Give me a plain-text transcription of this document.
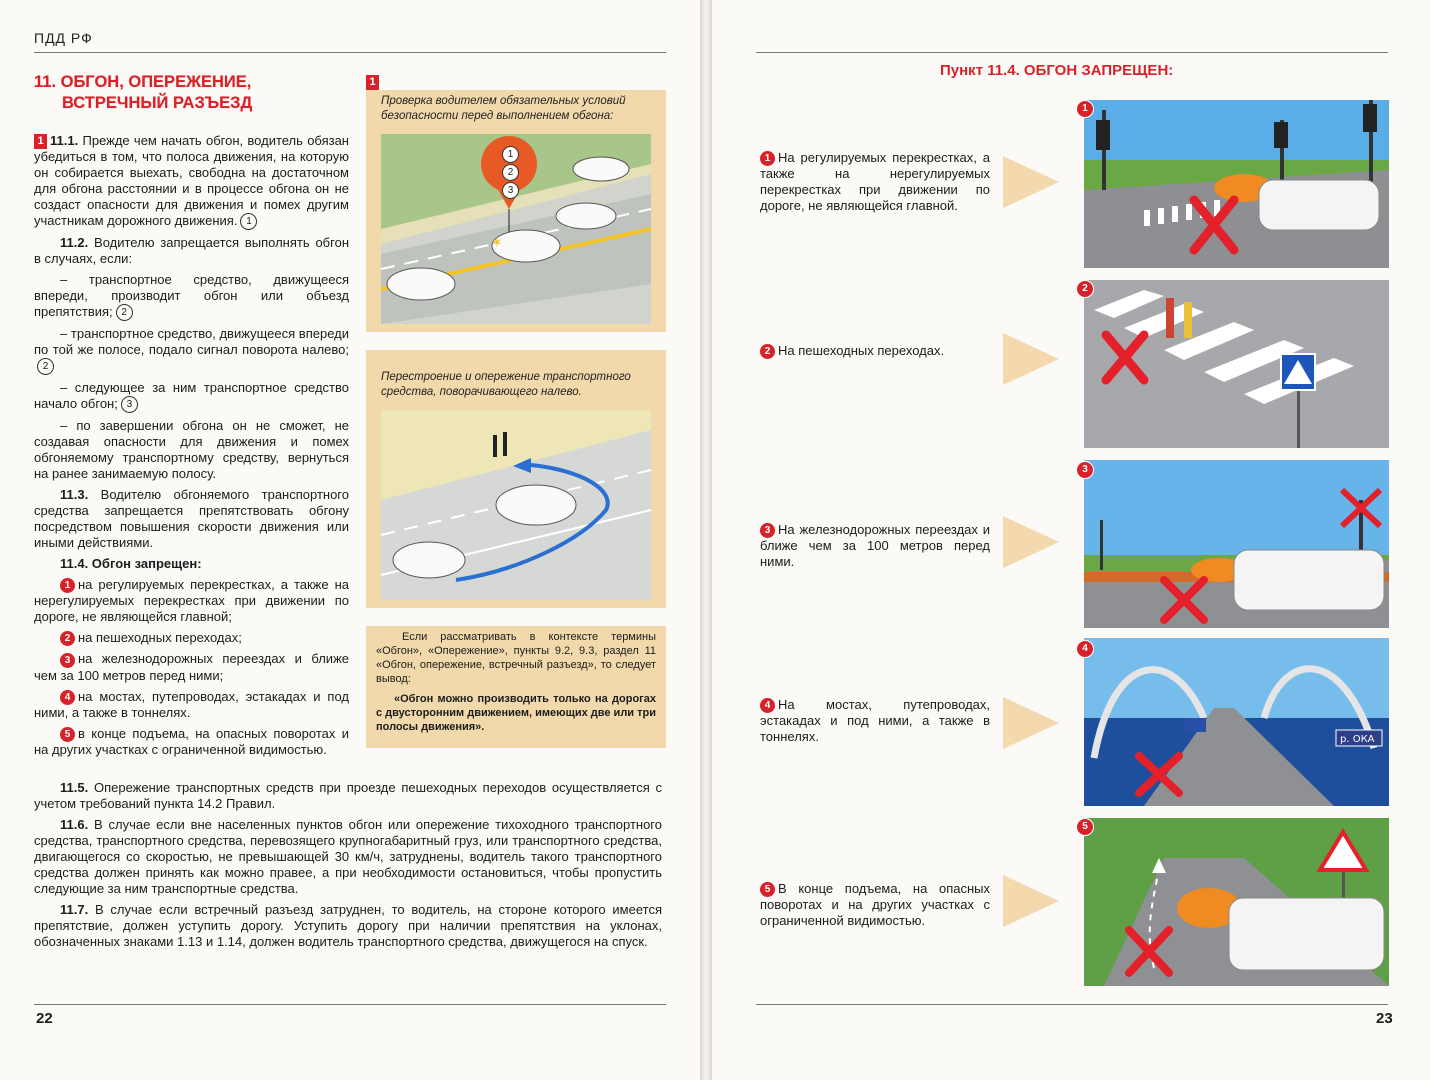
ПДД РФ
11. ОБГОН, ОПЕРЕЖЕНИЕ,
ВСТРЕЧНЫЙ РАЗЪЕЗД

1 11.1. Прежде чем начать обгон, водитель обязан убедиться в том, что полоса движения, на которую он собирается выехать, свободна на достаточном для обгона расстоянии и в процессе обгона он не создаст опасности для движения и помех другим участникам дорожного движения. 1

11.2. Водителю запрещается выполнять обгон в случаях, если:

– транспортное средство, движущееся впереди, производит обгон или объезд препятствия; 2

– транспортное средство, движущееся впереди по той же полосе, подало сигнал поворота налево;2

– следующее за ним транспортное средство начало обгон; 3

– по завершении обгона он не сможет, не создавая опасности для движения и помех обгоняемому транспортному средству, вернуться на ранее занимаемую полосу.

11.3. Водителю обгоняемого транспортного средства запрещается препятствовать обгону посредством повышения скорости движения или иными действиями.

11.4. Обгон запрещен:

1 на регулируемых перекрестках, а также на нерегулируемых перекрестках при движении по дороге, не являющейся главной;

2 на пешеходных переходах;

3 на железнодорожных переездах и ближе чем за 100 метров перед ними;

4 на мостах, путепроводах, эстакадах и под ними, а также в тоннелях.

5 в конце подъема, на опасных поворотах и на других участках с ограниченной видимостью.

11.5. Опережение транспортных средств при проезде пешеходных переходов осуществляется с учетом требований пункта 14.2 Правил.

11.6. В случае если вне населенных пунктов обгон или опережение тихоходного транспортного средства, транспортного средства, перевозящего крупногабаритный груз, или транспортного средства, двигающегося со скоростью, не превышающей 30 км/ч, затруднены, водитель такого транспортного средства должен принять как можно правее, а при необходимости остановиться, чтобы пропустить следующие за ним транспортные средства.

11.7. В случае если встречный разъезд затруднен, то водитель, на стороне которого имеется препятствие, должен уступить дорогу. Уступить дорогу при наличии препятствия на уклонах, обозначенных знаками 1.13 и 1.14, должен водитель транспортного средства, движущегося на спуск.

1
Проверка водителем обязательных условий безопасности перед выполнением обгона:
✶
1
2
3
Перестроение и опережение транспортного средства, поворачивающего налево.
Если рассматривать в контексте термины «Обгон», «Опережение», пункты 9.2, 9.3, раздел 11 «Обгон, опережение, встречный разъезд», то следует вывод:
«Обгон можно производить только на дорогах с двусторонним движением, имеющих две или три полосы движения».
22
Пункт 11.4. ОБГОН ЗАПРЕЩЕН:
1 На регулируемых перекрестках, а также на нерегулируемых перекрестках при движении по дороге, не являющейся главной.
1
2 На пешеходных переходах.
2
3 На железнодорожных переездах и ближе чем за 100 метров перед ними.
3
4 На мостах, путепроводах, эстакадах и под ними, а также в тоннелях.	р. ОКА
4
5 В конце подъема, на опасных поворотах и на других участках с ограниченной видимостью.
5
23
